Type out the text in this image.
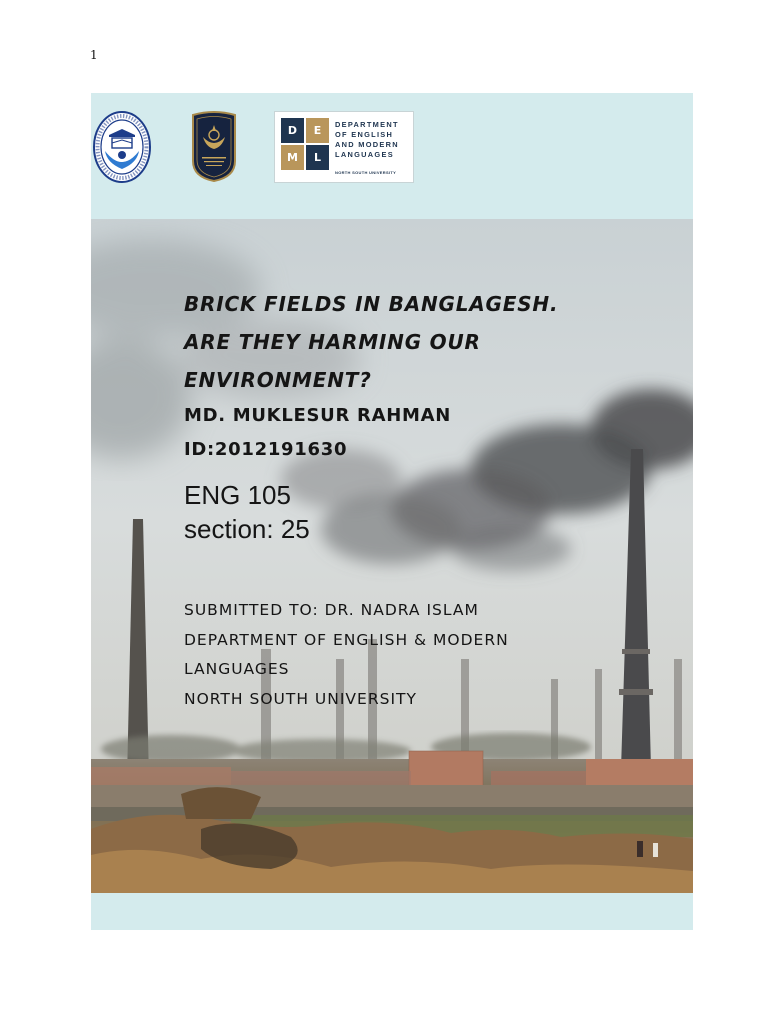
1
D	E
M	L
DEPARTMENT
OF ENGLISH
AND MODERN
LANGUAGES
NORTH SOUTH UNIVERSITY
BRICK FIELDS IN BANGLAGESH.
ARE THEY HARMING OUR
ENVIRONMENT?
MD. MUKLESUR RAHMAN
ID:2012191630
ENG 105
section: 25
SUBMITTED TO: DR. NADRA ISLAM
DEPARTMENT OF ENGLISH & MODERN
LANGUAGES
NORTH SOUTH UNIVERSITY
